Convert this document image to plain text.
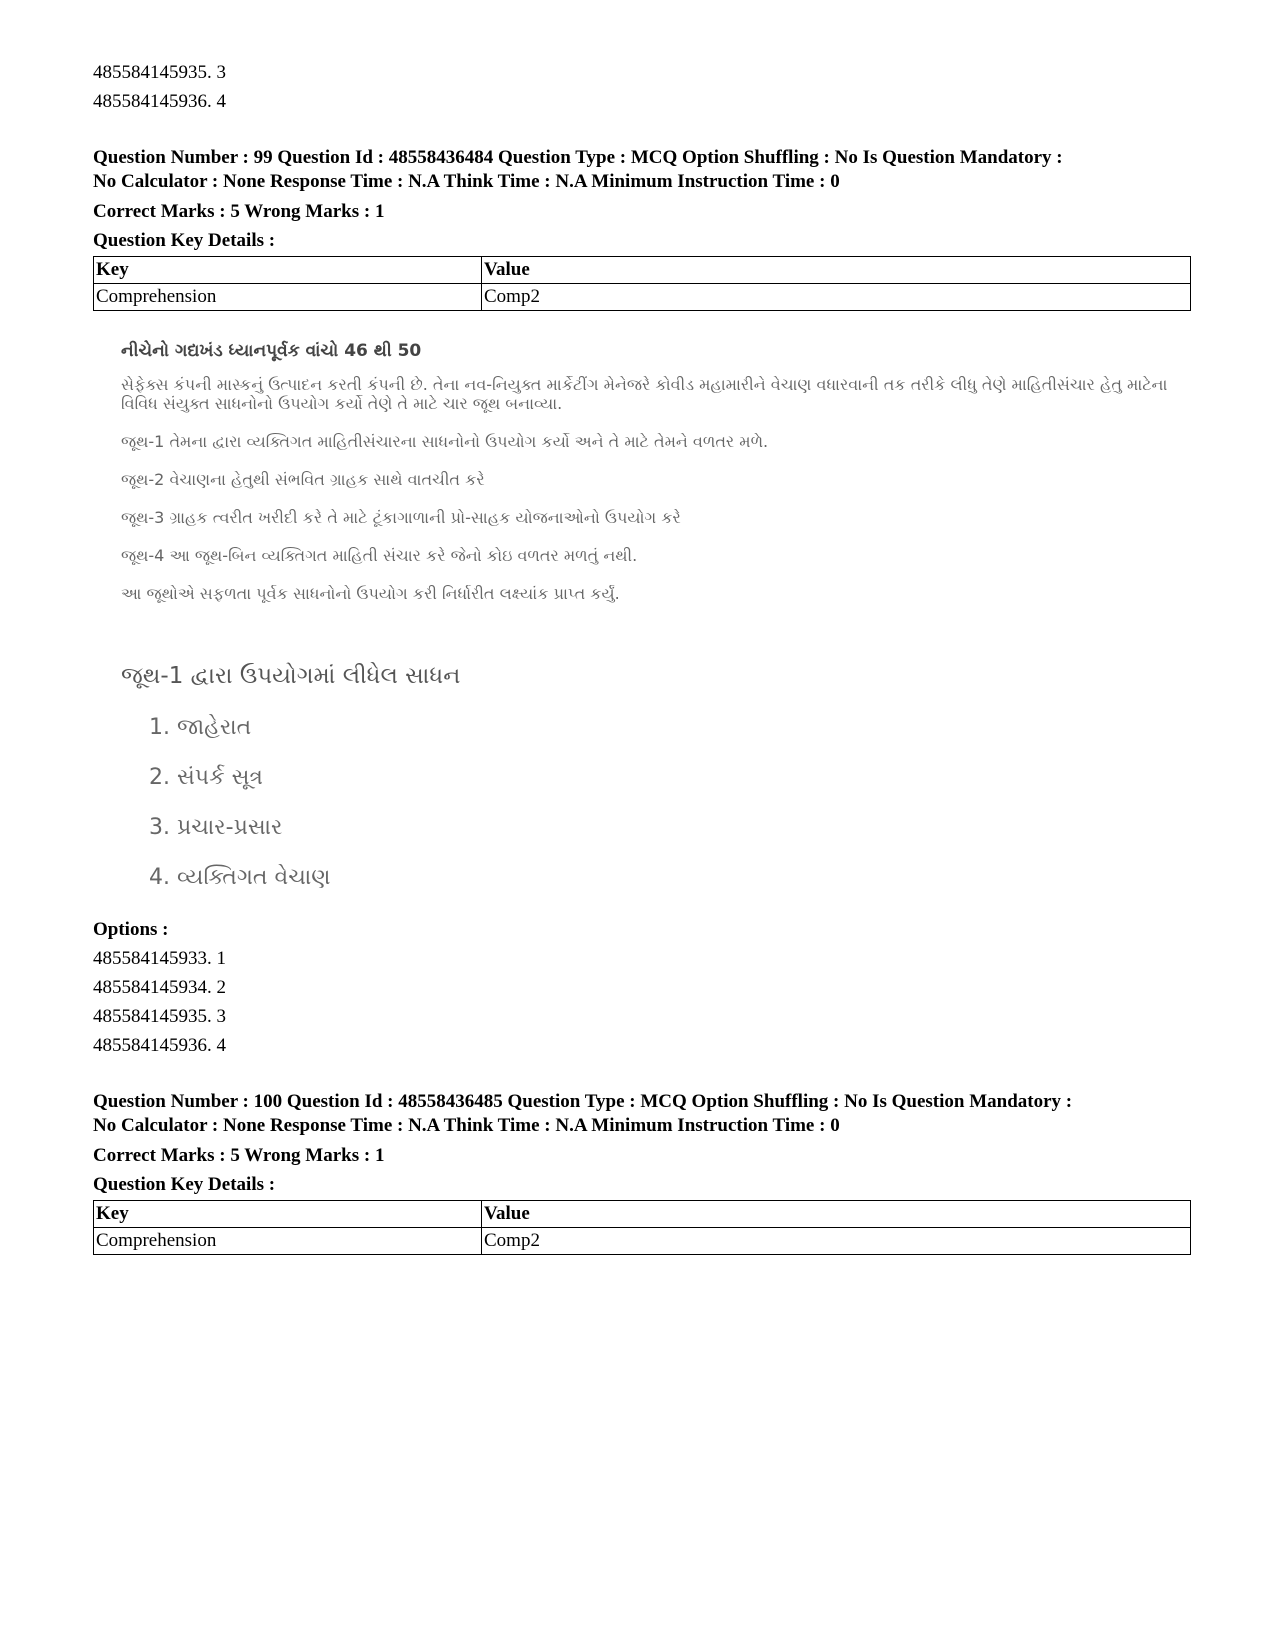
485584145935. 3
485584145936. 4
Question Number : 99 Question Id : 48558436484 Question Type : MCQ Option Shuffling : No Is Question Mandatory :
No Calculator : None Response Time : N.A Think Time : N.A Minimum Instruction Time : 0
Correct Marks : 5 Wrong Marks : 1
Question Key Details :
Key	Value
Comprehension	Comp2
નીચેનો ગદ્યખંડ ધ્યાનપૂર્વક વાંચો 46 થી 50
સેફેક્સ કંપની માસ્કનું ઉત્પાદન કરતી કંપની છે. તેના નવ-નિયુક્ત માર્કેટીંગ મેનેજરે કોવીડ મહામારીને વેચાણ વધારવાની તક તરીકે લીધુ તેણે માહિતીસંચાર હેતુ માટેના વિવિધ સંયુક્ત સાધનોનો ઉપયોગ કર્યો તેણે તે માટે ચાર જૂથ બનાવ્યા.
જૂથ-1 તેમના દ્વારા વ્યક્તિગત માહિતીસંચારના સાધનોનો ઉપયોગ કર્યો અને તે માટે તેમને વળતર મળે.
જૂથ-2 વેચાણના હેતુથી સંભવિત ગ્રાહક સાથે વાતચીત કરે
જૂથ-3 ગ્રાહક ત્વરીત ખરીદી કરે તે માટે ટૂંકાગાળાની પ્રો-સાહક યોજનાઓનો ઉપયોગ કરે
જૂથ-4 આ જૂથ-બિન વ્યક્તિગત માહિતી સંચાર કરે જેનો કોઇ વળતર મળતું નથી.
આ જૂથોએ સફળતા પૂર્વક સાધનોનો ઉપયોગ કરી નિર્ધારીત લક્ષ્યાંક પ્રાપ્ત કર્યું.
જૂથ-1 દ્વારા ઉપયોગમાં લીધેલ સાધન
1. જાહેરાત
2. સંપર્ક સૂત્ર
3. પ્રચાર-પ્રસાર
4. વ્યક્તિગત વેચાણ
Options :
485584145933. 1
485584145934. 2
485584145935. 3
485584145936. 4
Question Number : 100 Question Id : 48558436485 Question Type : MCQ Option Shuffling : No Is Question Mandatory :
No Calculator : None Response Time : N.A Think Time : N.A Minimum Instruction Time : 0
Correct Marks : 5 Wrong Marks : 1
Question Key Details :
Key	Value
Comprehension	Comp2
